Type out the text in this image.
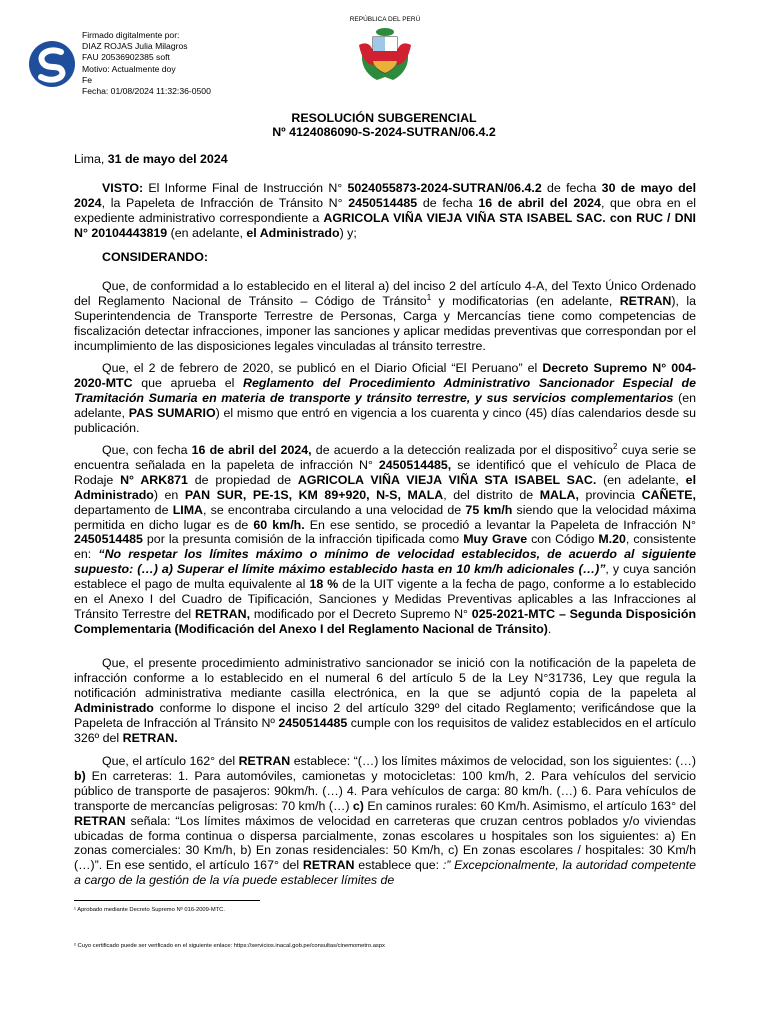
Firmado digitalmente por:
DIAZ ROJAS Julia Milagros
FAU 20536902385 soft
Motivo: Actualmente doy
Fe
Fecha: 01/08/2024 11:32:36-0500
REPÚBLICA DEL PERÚ
RESOLUCIÓN SUBGERENCIAL
Nº 4124086090-S-2024-SUTRAN/06.4.2

Lima, 31 de mayo del 2024

VISTO: El Informe Final de Instrucción N° 5024055873-2024-SUTRAN/06.4.2 de fecha 30 de mayo del 2024, la Papeleta de Infracción de Tránsito N° 2450514485 de fecha 16 de abril del 2024, que obra en el expediente administrativo correspondiente a AGRICOLA VIÑA VIEJA VIÑA STA ISABEL SAC. con RUC / DNI N° 20104443819 (en adelante, el Administrado) y;

CONSIDERANDO:

Que, de conformidad a lo establecido en el literal a) del inciso 2 del artículo 4-A, del Texto Único Ordenado del Reglamento Nacional de Tránsito – Código de Tránsito$^1$ y modificatorias (en adelante, RETRAN), la Superintendencia de Transporte Terrestre de Personas, Carga y Mercancías tiene como competencias de fiscalización detectar infracciones, imponer las sanciones y aplicar medidas preventivas que correspondan por el incumplimiento de las disposiciones legales vinculadas al tránsito terrestre.

Que, el 2 de febrero de 2020, se publicó en el Diario Oficial “El Peruano” el Decreto Supremo N° 004-2020-MTC que aprueba el Reglamento del Procedimiento Administrativo Sancionador Especial de Tramitación Sumaria en materia de transporte y tránsito terrestre, y sus servicios complementarios (en adelante, PAS SUMARIO) el mismo que entró en vigencia a los cuarenta y cinco (45) días calendarios desde su publicación.

Que, con fecha 16 de abril del 2024, de acuerdo a la detección realizada por el dispositivo$^2$ cuya serie se encuentra señalada en la papeleta de infracción N° 2450514485, se identificó que el vehículo de Placa de Rodaje N° ARK871 de propiedad de AGRICOLA VIÑA VIEJA VIÑA STA ISABEL SAC. (en adelante, el Administrado) en PAN SUR, PE-1S, KM 89+920, N-S, MALA, del distrito de MALA, provincia CAÑETE, departamento de LIMA, se encontraba circulando a una velocidad de 75 km/h siendo que la velocidad máxima permitida en dicho lugar es de 60 km/h. En ese sentido, se procedió a levantar la Papeleta de Infracción N° 2450514485 por la presunta comisión de la infracción tipificada como Muy Grave con Código M.20, consistente en: “No respetar los límites máximo o mínimo de velocidad establecidos, de acuerdo al siguiente supuesto: (…) a) Superar el límite máximo establecido hasta en 10 km/h adicionales (…)”, y cuya sanción establece el pago de multa equivalente al 18 % de la UIT vigente a la fecha de pago, conforme a lo establecido en el Anexo I del Cuadro de Tipificación, Sanciones y Medidas Preventivas aplicables a las Infracciones al Tránsito Terrestre del RETRAN, modificado por el Decreto Supremo N° 025-2021-MTC – Segunda Disposición Complementaria (Modificación del Anexo I del Reglamento Nacional de Tránsito).

Que, el presente procedimiento administrativo sancionador se inició con la notificación de la papeleta de infracción conforme a lo establecido en el numeral 6 del artículo 5 de la Ley N°31736, Ley que regula la notificación administrativa mediante casilla electrónica, en la que se adjuntó copia de la papeleta al Administrado conforme lo dispone el inciso 2 del artículo 329º del citado Reglamento; verificándose que la Papeleta de Infracción al Tránsito Nº 2450514485 cumple con los requisitos de validez establecidos en el artículo 326º del RETRAN.

Que, el artículo 162° del RETRAN establece: “(…) los límites máximos de velocidad, son los siguientes: (…) b) En carreteras: 1. Para automóviles, camionetas y motocicletas: 100 km/h, 2. Para vehículos del servicio público de transporte de pasajeros: 90km/h. (…) 4. Para vehículos de carga: 80 km/h. (…) 6. Para vehículos de transporte de mercancías peligrosas: 70 km/h (…) c) En caminos rurales: 60 Km/h. Asimismo, el artículo 163° del RETRAN señala: “Los límites máximos de velocidad en carreteras que cruzan centros poblados y/o viviendas ubicadas de forma continua o dispersa parcialmente, zonas escolares u hospitales son los siguientes: a) En zonas comerciales: 30 Km/h, b) En zonas residenciales: 50 Km/h, c) En zonas escolares / hospitales: 30 Km/h (…)”. En ese sentido, el artículo 167° del RETRAN establece que: :” Excepcionalmente, la autoridad competente a cargo de la gestión de la vía puede establecer límites de

¹ Aprobado mediante Decreto Supremo Nº 016-2009-MTC.
² Cuyo certificado puede ser verificado en el siguiente enlace: https://servicios.inacal.gob.pe/consultas/cinemometro.aspx
